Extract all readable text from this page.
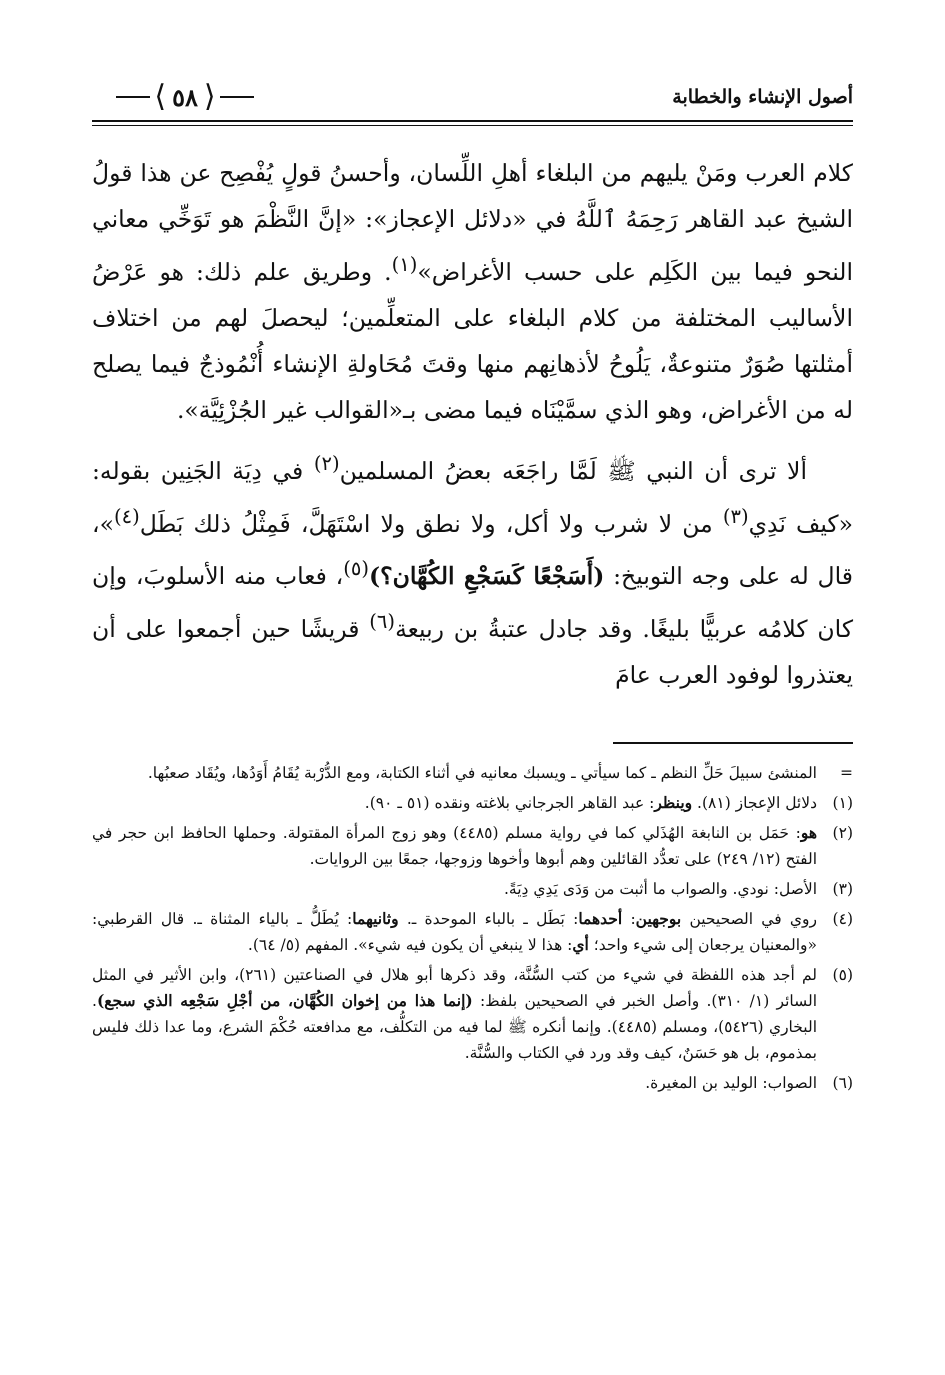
أصول الإنشاء والخطابة
⟨ ٥٨ ⟩

كلام العرب ومَنْ يليهم من البلغاء أهلِ اللِّسان، وأحسنُ قولٍ يُفْصِح عن هذا قولُ الشيخ عبد القاهر رَحِمَهُ ٱللَّهُ في «دلائل الإعجاز»: «إنَّ النَّظْمَ هو تَوَخِّي معاني النحو فيما بين الكَلِم على حسب الأغراض»$^{(١)}$. وطريق علم ذلك: هو عَرْضُ الأساليب المختلفة من كلام البلغاء على المتعلِّمين؛ ليحصلَ لهم من اختلاف أمثلتها صُوَرٌ متنوعةٌ، يَلُوحُ لأذهانِهم منها وقتَ مُحَاولةِ الإنشاء أُنْمُوذجٌ فيما يصلح له من الأغراض، وهو الذي سمَّيْنَاه فيما مضى بـ«القوالب غير الجُزْئِيَّة».

ألا ترى أن النبي ﷺ لَمَّا راجَعَه بعضُ المسلمين$^{(٢)}$ في دِيَة الجَنِين بقوله: «كيف نَدِي$^{(٣)}$ من لا شرب ولا أكل، ولا نطق ولا اسْتَهَلَّ، فَمِثْلُ ذلك بَطَل$^{(٤)}$»، قال له على وجه التوبيخ: (أَسَجْعًا كَسَجْعِ الكُهَّان؟)$^{(٥)}$، فعاب منه الأسلوبَ، وإن كان كلامُه عربيًّا بليغًا. وقد جادل عتبةُ بن ربيعة$^{(٦)}$ قريشًا حين أجمعوا على أن يعتذروا لوفود العرب عامَ

=
المنشئ سبيلَ حَلِّ النظم ـ كما سيأتي ـ ويسبك معانيه في أثناء الكتابة، ومع الدُّرْبة يُقَامُ أَوَدُها، ويُقَاد صعبُها.
(١)
دلائل الإعجاز (٨١). وينظر: عبد القاهر الجرجاني بلاغته ونقده (٥١ ـ ٩٠).
(٢)
هو: حَمَل بن النابغة الهُذَلي كما في رواية مسلم (٤٤٨٥) وهو زوج المرأة المقتولة. وحملها الحافظ ابن حجر في الفتح (١٢/ ٢٤٩) على تعدُّد القائلين وهم أبوها وأخوها وزوجها، جمعًا بين الروايات.
(٣)
الأصل: نودي. والصواب ما أثبت من وَدَى يَدِي دِيَةً.
(٤)
روي في الصحيحين بوجهين: أحدهما: بَطَل ـ بالباء الموحدة ـ. وثانيهما: يُطَلُّ ـ بالياء المثناة ـ. قال القرطبي: «والمعنيان يرجعان إلى شيء واحد؛ أي: هذا لا ينبغي أن يكون فيه شيء». المفهم (٥/ ٦٤).
(٥)
لم أجد هذه اللفظة في شيء من كتب السُّنَّة، وقد ذكرها أبو هلال في الصناعتين (٢٦١)، وابن الأثير في المثل السائر (١/ ٣١٠). وأصل الخبر في الصحيحين بلفظ: (إنما هذا من إخوان الكُهَّان، من أجْلِ سَجْعِه الذي سجع). البخاري (٥٤٢٦)، ومسلم (٤٤٨٥). وإنما أنكره ﷺ لما فيه من التكلُّف، مع مدافعته حُكْمَ الشرع، وما عدا ذلك فليس بمذموم، بل هو حَسَنٌ، كيف وقد ورد في الكتاب والسُّنَّة.
(٦)
الصواب: الوليد بن المغيرة.
